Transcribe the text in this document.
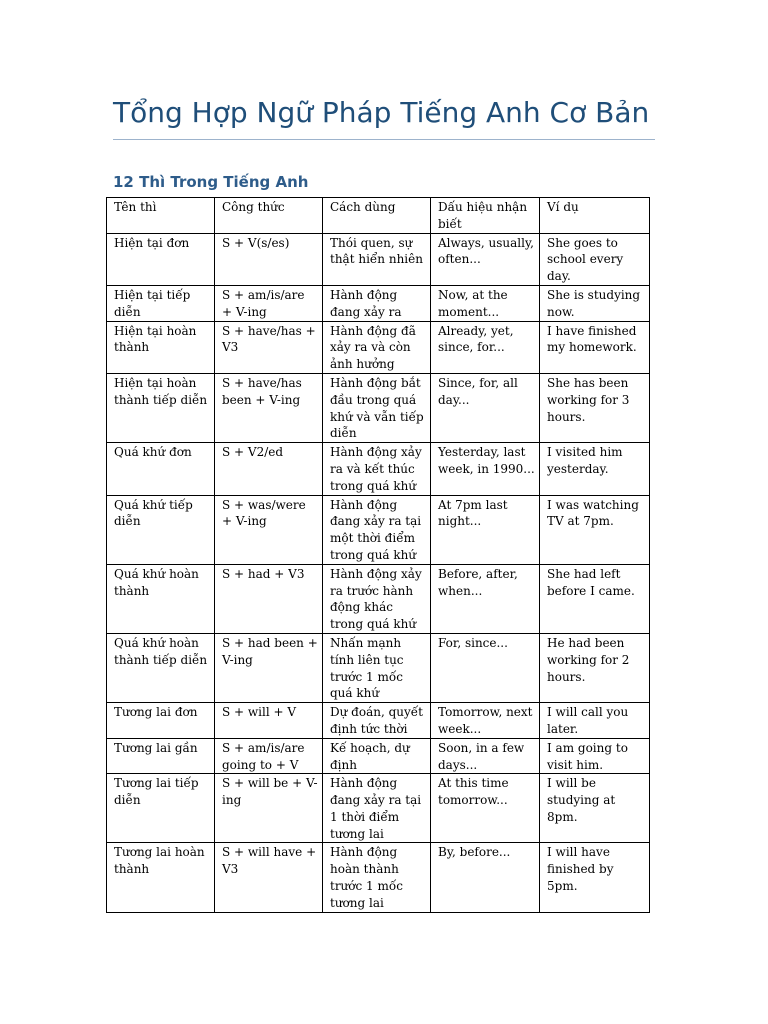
Tổng Hợp Ngữ Pháp Tiếng Anh Cơ Bản
12 Thì Trong Tiếng Anh
Tên thì	Công thức	Cách dùng	Dấu hiệu nhận biết	Ví dụ
Hiện tại đơn	S + V(s/es)	Thói quen, sự thật hiển nhiên	Always, usually, often...	She goes to school every day.
Hiện tại tiếp diễn	S + am/is/are + V-ing	Hành động đang xảy ra	Now, at the moment...	She is studying now.
Hiện tại hoàn thành	S + have/has + V3	Hành động đã xảy ra và còn ảnh hưởng	Already, yet, since, for...	I have finished my homework.
Hiện tại hoàn thành tiếp diễn	S + have/has been + V-ing	Hành động bắt đầu trong quá khứ và vẫn tiếp diễn	Since, for, all day...	She has been working for 3 hours.
Quá khứ đơn	S + V2/ed	Hành động xảy ra và kết thúc trong quá khứ	Yesterday, last week, in 1990...	I visited him yesterday.
Quá khứ tiếp diễn	S + was/were + V-ing	Hành động đang xảy ra tại một thời điểm trong quá khứ	At 7pm last night...	I was watching TV at 7pm.
Quá khứ hoàn thành	S + had + V3	Hành động xảy ra trước hành động khác trong quá khứ	Before, after, when...	She had left before I came.
Quá khứ hoàn thành tiếp diễn	S + had been + V-ing	Nhấn mạnh tính liên tục trước 1 mốc quá khứ	For, since...	He had been working for 2 hours.
Tương lai đơn	S + will + V	Dự đoán, quyết định tức thời	Tomorrow, next week...	I will call you later.
Tương lai gần	S + am/is/are going to + V	Kế hoạch, dự định	Soon, in a few days...	I am going to visit him.
Tương lai tiếp diễn	S + will be + V-ing	Hành động đang xảy ra tại 1 thời điểm tương lai	At this time tomorrow...	I will be studying at 8pm.
Tương lai hoàn thành	S + will have + V3	Hành động hoàn thành trước 1 mốc tương lai	By, before...	I will have finished by 5pm.
